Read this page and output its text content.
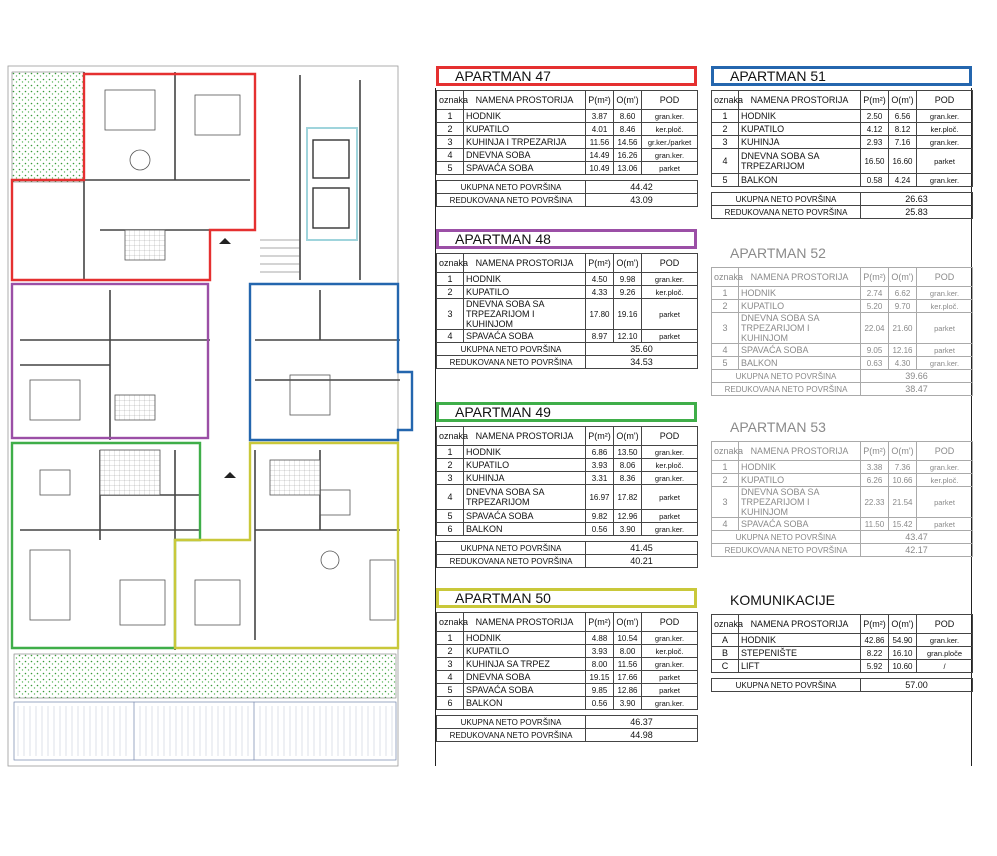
APARTMAN 47
oznaka	NAMENA PROSTORIJA	P(m²)	O(m')	POD
1	HODNIK	3.87	8.60	gran.ker.
2	KUPATILO	4.01	8.46	ker.ploč.
3	KUHINJA I TRPEZARIJA	11.56	14.56	gr.ker./parket
4	DNEVNA SOBA	14.49	16.26	gran.ker.
5	SPAVAĆA SOBA	10.49	13.06	parket
UKUPNA NETO POVRŠINA	44.42
REDUKOVANA NETO POVRŠINA	43.09
APARTMAN 48
oznaka	NAMENA PROSTORIJA	P(m²)	O(m')	POD
1	HODNIK	4.50	9.98	gran.ker.
2	KUPATILO	4.33	9.26	ker.ploč.
3	DNEVNA SOBA SA TRPEZARIJOM I KUHINJOM	17.80	19.16	parket
4	SPAVAĆA SOBA	8.97	12.10	parket
UKUPNA NETO POVRŠINA	35.60
REDUKOVANA NETO POVRŠINA	34.53
APARTMAN 49
oznaka	NAMENA PROSTORIJA	P(m²)	O(m')	POD
1	HODNIK	6.86	13.50	gran.ker.
2	KUPATILO	3.93	8.06	ker.ploč.
3	KUHINJA	3.31	8.36	gran.ker.
4	DNEVNA SOBA SA TRPEZARIJOM	16.97	17.82	parket
5	SPAVAĆA SOBA	9.82	12.96	parket
6	BALKON	0.56	3.90	gran.ker.
UKUPNA NETO POVRŠINA	41.45
REDUKOVANA NETO POVRŠINA	40.21
APARTMAN 50
oznaka	NAMENA PROSTORIJA	P(m²)	O(m')	POD
1	HODNIK	4.88	10.54	gran.ker.
2	KUPATILO	3.93	8.00	ker.ploč.
3	KUHINJA SA TRPEZ	8.00	11.56	gran.ker.
4	DNEVNA SOBA	19.15	17.66	parket
5	SPAVAĆA SOBA	9.85	12.86	parket
6	BALKON	0.56	3.90	gran.ker.
UKUPNA NETO POVRŠINA	46.37
REDUKOVANA NETO POVRŠINA	44.98
APARTMAN 51
oznaka	NAMENA PROSTORIJA	P(m²)	O(m')	POD
1	HODNIK	2.50	6.56	gran.ker.
2	KUPATILO	4.12	8.12	ker.ploč.
3	KUHINJA	2.93	7.16	gran.ker.
4	DNEVNA SOBA SA TRPEZARIJOM	16.50	16.60	parket
5	BALKON	0.58	4.24	gran.ker.
UKUPNA NETO POVRŠINA	26.63
REDUKOVANA NETO POVRŠINA	25.83
APARTMAN 52
oznaka	NAMENA PROSTORIJA	P(m²)	O(m')	POD
1	HODNIK	2.74	6.62	gran.ker.
2	KUPATILO	5.20	9.70	ker.ploč.
3	DNEVNA SOBA SA TRPEZARIJOM I KUHINJOM	22.04	21.60	parket
4	SPAVAĆA SOBA	9.05	12.16	parket
5	BALKON	0.63	4.30	gran.ker.
UKUPNA NETO POVRŠINA	39.66
REDUKOVANA NETO POVRŠINA	38.47
APARTMAN 53
oznaka	NAMENA PROSTORIJA	P(m²)	O(m')	POD
1	HODNIK	3.38	7.36	gran.ker.
2	KUPATILO	6.26	10.66	ker.ploč.
3	DNEVNA SOBA SA TRPEZARIJOM I KUHINJOM	22.33	21.54	parket
4	SPAVAĆA SOBA	11.50	15.42	parket
UKUPNA NETO POVRŠINA	43.47
REDUKOVANA NETO POVRŠINA	42.17
KOMUNIKACIJE
oznaka	NAMENA PROSTORIJA	P(m²)	O(m')	POD
A	HODNIK	42.86	54.90	gran.ker.
B	STEPENIŠTE	8.22	16.10	gran.ploče
C	LIFT	5.92	10.60	/
UKUPNA NETO POVRŠINA	57.00
